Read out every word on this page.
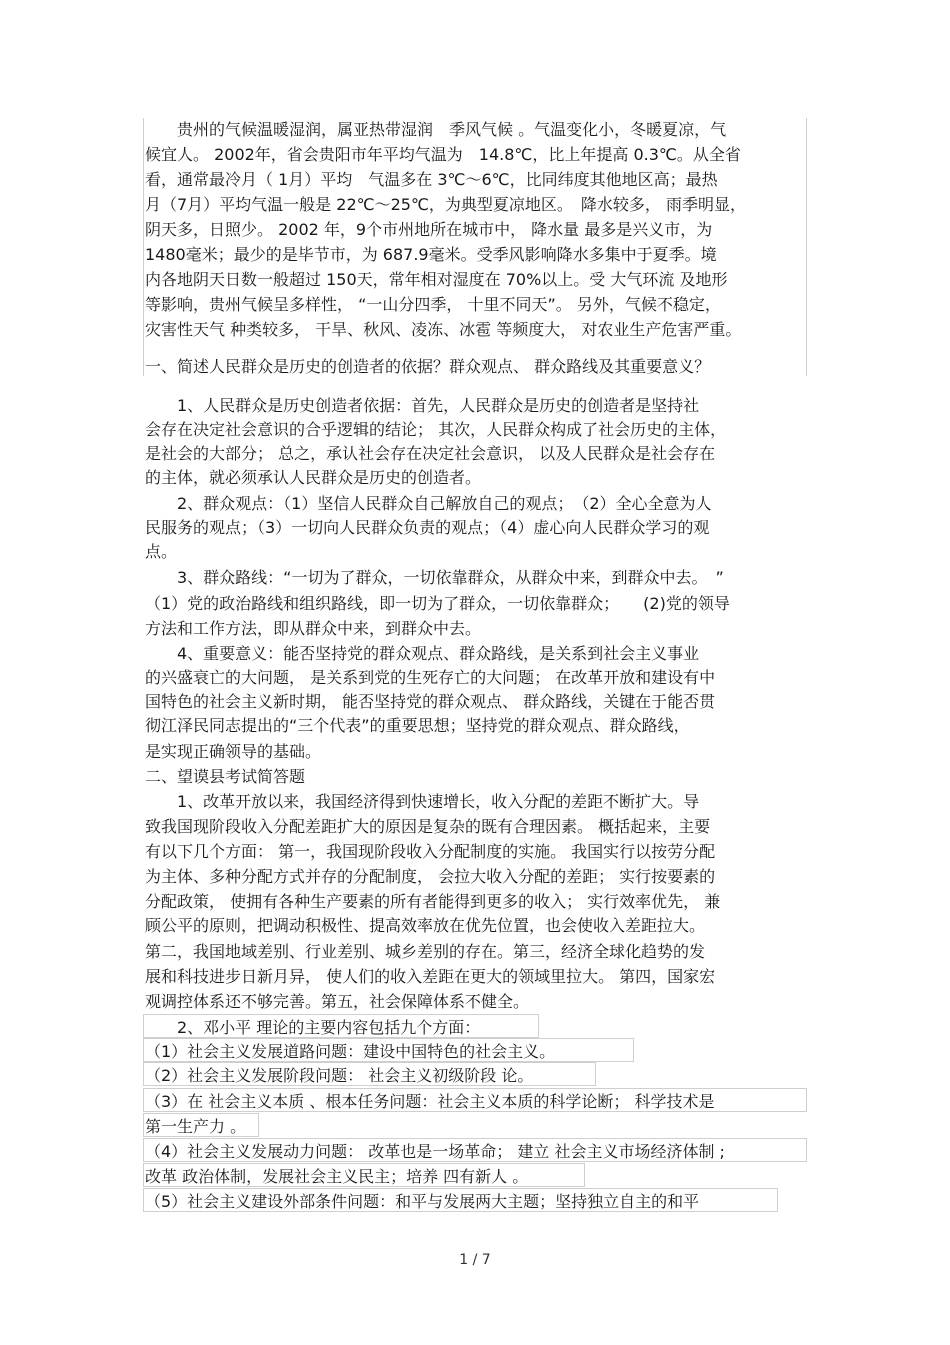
　　贵州的气候温暖湿润，属亚热带湿润　季风气候 。气温变化小，冬暖夏凉，气
候宜人。 2002年，省会贵阳市年平均气温为　14.8℃，比上年提高 0.3℃。从全省
看，通常最冷月（ 1月）平均　气温多在 3℃～6℃，比同纬度其他地区高；最热
月（7月）平均气温一般是 22℃～25℃，为典型夏凉地区。　降水较多， 雨季明显，
阴天多，日照少。 2002 年，9个市州地所在城市中， 降水量 最多是兴义市，为
1480毫米；最少的是毕节市，为 687.9毫米。受季风影响降水多集中于夏季。境
内各地阴天日数一般超过 150天，常年相对湿度在 70%以上。受 大气环流 及地形
等影响，贵州气候呈多样性， “一山分四季， 十里不同天”。 另外，气候不稳定，
灾害性天气 种类较多， 干旱、秋风、凌冻、冰雹 等频度大， 对农业生产危害严重。
一、简述人民群众是历史的创造者的依据？群众观点、 群众路线及其重要意义？
　　1、人民群众是历史创造者依据：首先，人民群众是历史的创造者是坚持社
会存在决定社会意识的合乎逻辑的结论； 其次，人民群众构成了社会历史的主体，
是社会的大部分； 总之，承认社会存在决定社会意识， 以及人民群众是社会存在
的主体，就必须承认人民群众是历史的创造者。
　　2、群众观点：（1）坚信人民群众自己解放自己的观点；　（2）全心全意为人
民服务的观点；（3）一切向人民群众负责的观点；（4）虚心向人民群众学习的观
点。
　　3、群众路线：“一切为了群众，一切依靠群众，从群众中来，到群众中去。　”
（1）党的政治路线和组织路线，即一切为了群众，一切依靠群众；　　(2)党的领导
方法和工作方法，即从群众中来，到群众中去。
　　4、重要意义：能否坚持党的群众观点、群众路线，是关系到社会主义事业
的兴盛衰亡的大问题， 是关系到党的生死存亡的大问题； 在改革开放和建设有中
国特色的社会主义新时期， 能否坚持党的群众观点、 群众路线，关键在于能否贯
彻江泽民同志提出的“三个代表”的重要思想；坚持党的群众观点、群众路线，
是实现正确领导的基础。
二、望谟县考试简答题
　　1、改革开放以来，我国经济得到快速增长，收入分配的差距不断扩大。导
致我国现阶段收入分配差距扩大的原因是复杂的既有合理因素。 概括起来，主要
有以下几个方面： 第一，我国现阶段收入分配制度的实施。 我国实行以按劳分配
为主体、多种分配方式并存的分配制度， 会拉大收入分配的差距； 实行按要素的
分配政策， 使拥有各种生产要素的所有者能得到更多的收入； 实行效率优先， 兼
顾公平的原则，把调动积极性、提高效率放在优先位置，也会使收入差距拉大。
第二，我国地域差别、行业差别、城乡差别的存在。第三，经济全球化趋势的发
展和科技进步日新月异， 使人们的收入差距在更大的领域里拉大。 第四，国家宏
观调控体系还不够完善。第五，社会保障体系不健全。
　　2、邓小平 理论的主要内容包括九个方面：
（1）社会主义发展道路问题：建设中国特色的社会主义。
（2）社会主义发展阶段问题： 社会主义初级阶段 论。
（3）在 社会主义本质 、根本任务问题：社会主义本质的科学论断； 科学技术是
第一生产力 。
（4）社会主义发展动力问题： 改革也是一场革命； 建立 社会主义市场经济体制 ;
改革 政治体制，发展社会主义民主；培养 四有新人 。
（5）社会主义建设外部条件问题：和平与发展两大主题；坚持独立自主的和平
1 / 7
